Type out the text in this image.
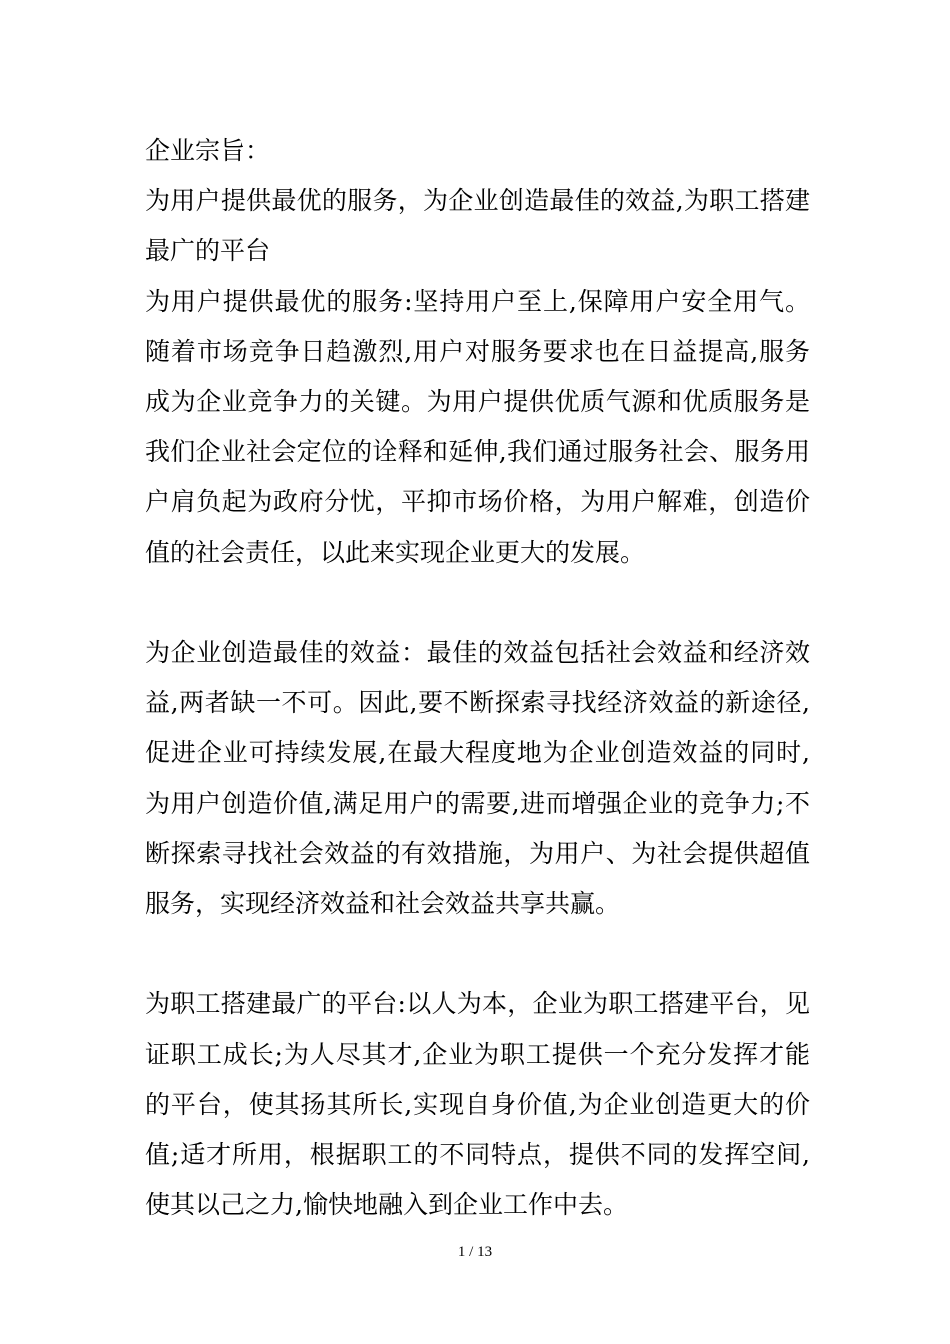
企业宗旨：

为用户提供最优的服务，为企业创造最佳的效益,为职工搭建最广的平台

为用户提供最优的服务:坚持用户至上,保障用户安全用气。随着市场竞争日趋激烈,用户对服务要求也在日益提高,服务成为企业竞争力的关键。为用户提供优质气源和优质服务是我们企业社会定位的诠释和延伸,我们通过服务社会、服务用户肩负起为政府分忧，平抑市场价格，为用户解难，创造价值的社会责任，以此来实现企业更大的发展。

为企业创造最佳的效益：最佳的效益包括社会效益和经济效益,两者缺一不可。因此,要不断探索寻找经济效益的新途径,促进企业可持续发展,在最大程度地为企业创造效益的同时,为用户创造价值,满足用户的需要,进而增强企业的竞争力;不断探索寻找社会效益的有效措施，为用户、为社会提供超值服务，实现经济效益和社会效益共享共赢。

为职工搭建最广的平台:以人为本，企业为职工搭建平台，见证职工成长;为人尽其才,企业为职工提供一个充分发挥才能的平台，使其扬其所长,实现自身价值,为企业创造更大的价值;适才所用，根据职工的不同特点，提供不同的发挥空间,使其以己之力,愉快地融入到企业工作中去。

1 / 13
